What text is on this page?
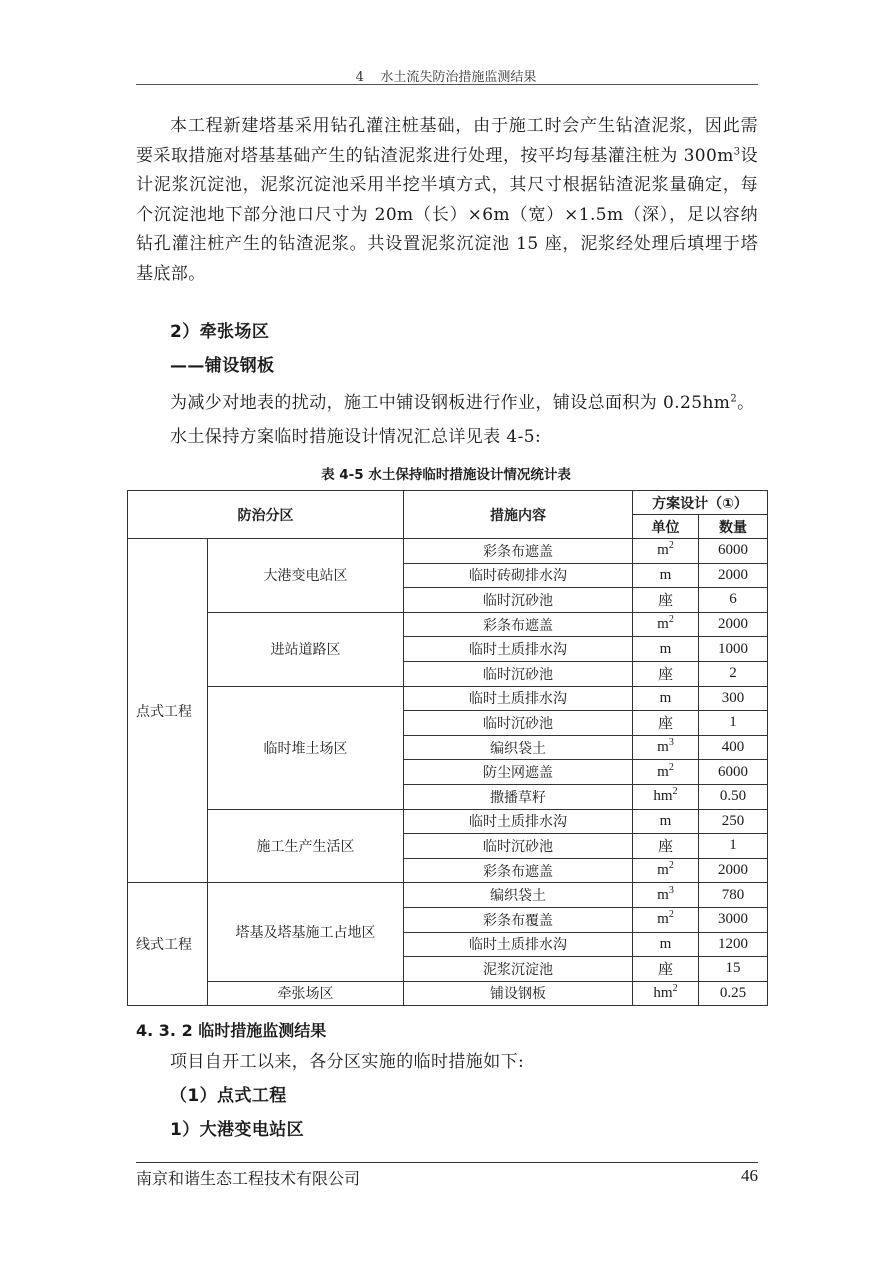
4 水土流失防治措施监测结果

本工程新建塔基采用钻孔灌注桩基础，由于施工时会产生钻渣泥浆，因此需要采取措施对塔基基础产生的钻渣泥浆进行处理，按平均每基灌注桩为 $300m^3$设计泥浆沉淀池，泥浆沉淀池采用半挖半填方式，其尺寸根据钻渣泥浆量确定，每个沉淀池地下部分池口尺寸为 20m（长）×6m（宽）×1.5m（深），足以容纳钻孔灌注桩产生的钻渣泥浆。共设置泥浆沉淀池 15 座，泥浆经处理后填埋于塔基底部。

2）牵张场区
——铺设钢板
为减少对地表的扰动，施工中铺设钢板进行作业，铺设总面积为 $0.25hm^2$。
水土保持方案临时措施设计情况汇总详见表 4-5:
表 4-5 水土保持临时措施设计情况统计表
防治分区		措施内容	方案设计（①）	
			单位	数量
点式工程	大港变电站区	彩条布遮盖	$m^2$	6000
		临时砖砌排水沟	m	2000
		临时沉砂池	座	6
	进站道路区	彩条布遮盖	$m^2$	2000
		临时土质排水沟	m	1000
		临时沉砂池	座	2
	临时堆土场区	临时土质排水沟	m	300
		临时沉砂池	座	1
		编织袋土	$m^3$	400
		防尘网遮盖	$m^2$	6000
		撒播草籽	$hm^2$	0.50
	施工生产生活区	临时土质排水沟	m	250
		临时沉砂池	座	1
		彩条布遮盖	$m^2$	2000
线式工程	塔基及塔基施工占地区	编织袋土	$m^3$	780
		彩条布覆盖	$m^2$	3000
		临时土质排水沟	m	1200
		泥浆沉淀池	座	15
	牵张场区	铺设钢板	$hm^2$	0.25
4. 3. 2 临时措施监测结果
项目自开工以来，各分区实施的临时措施如下:
（1）点式工程
1）大港变电站区
南京和谐生态工程技术有限公司	46
